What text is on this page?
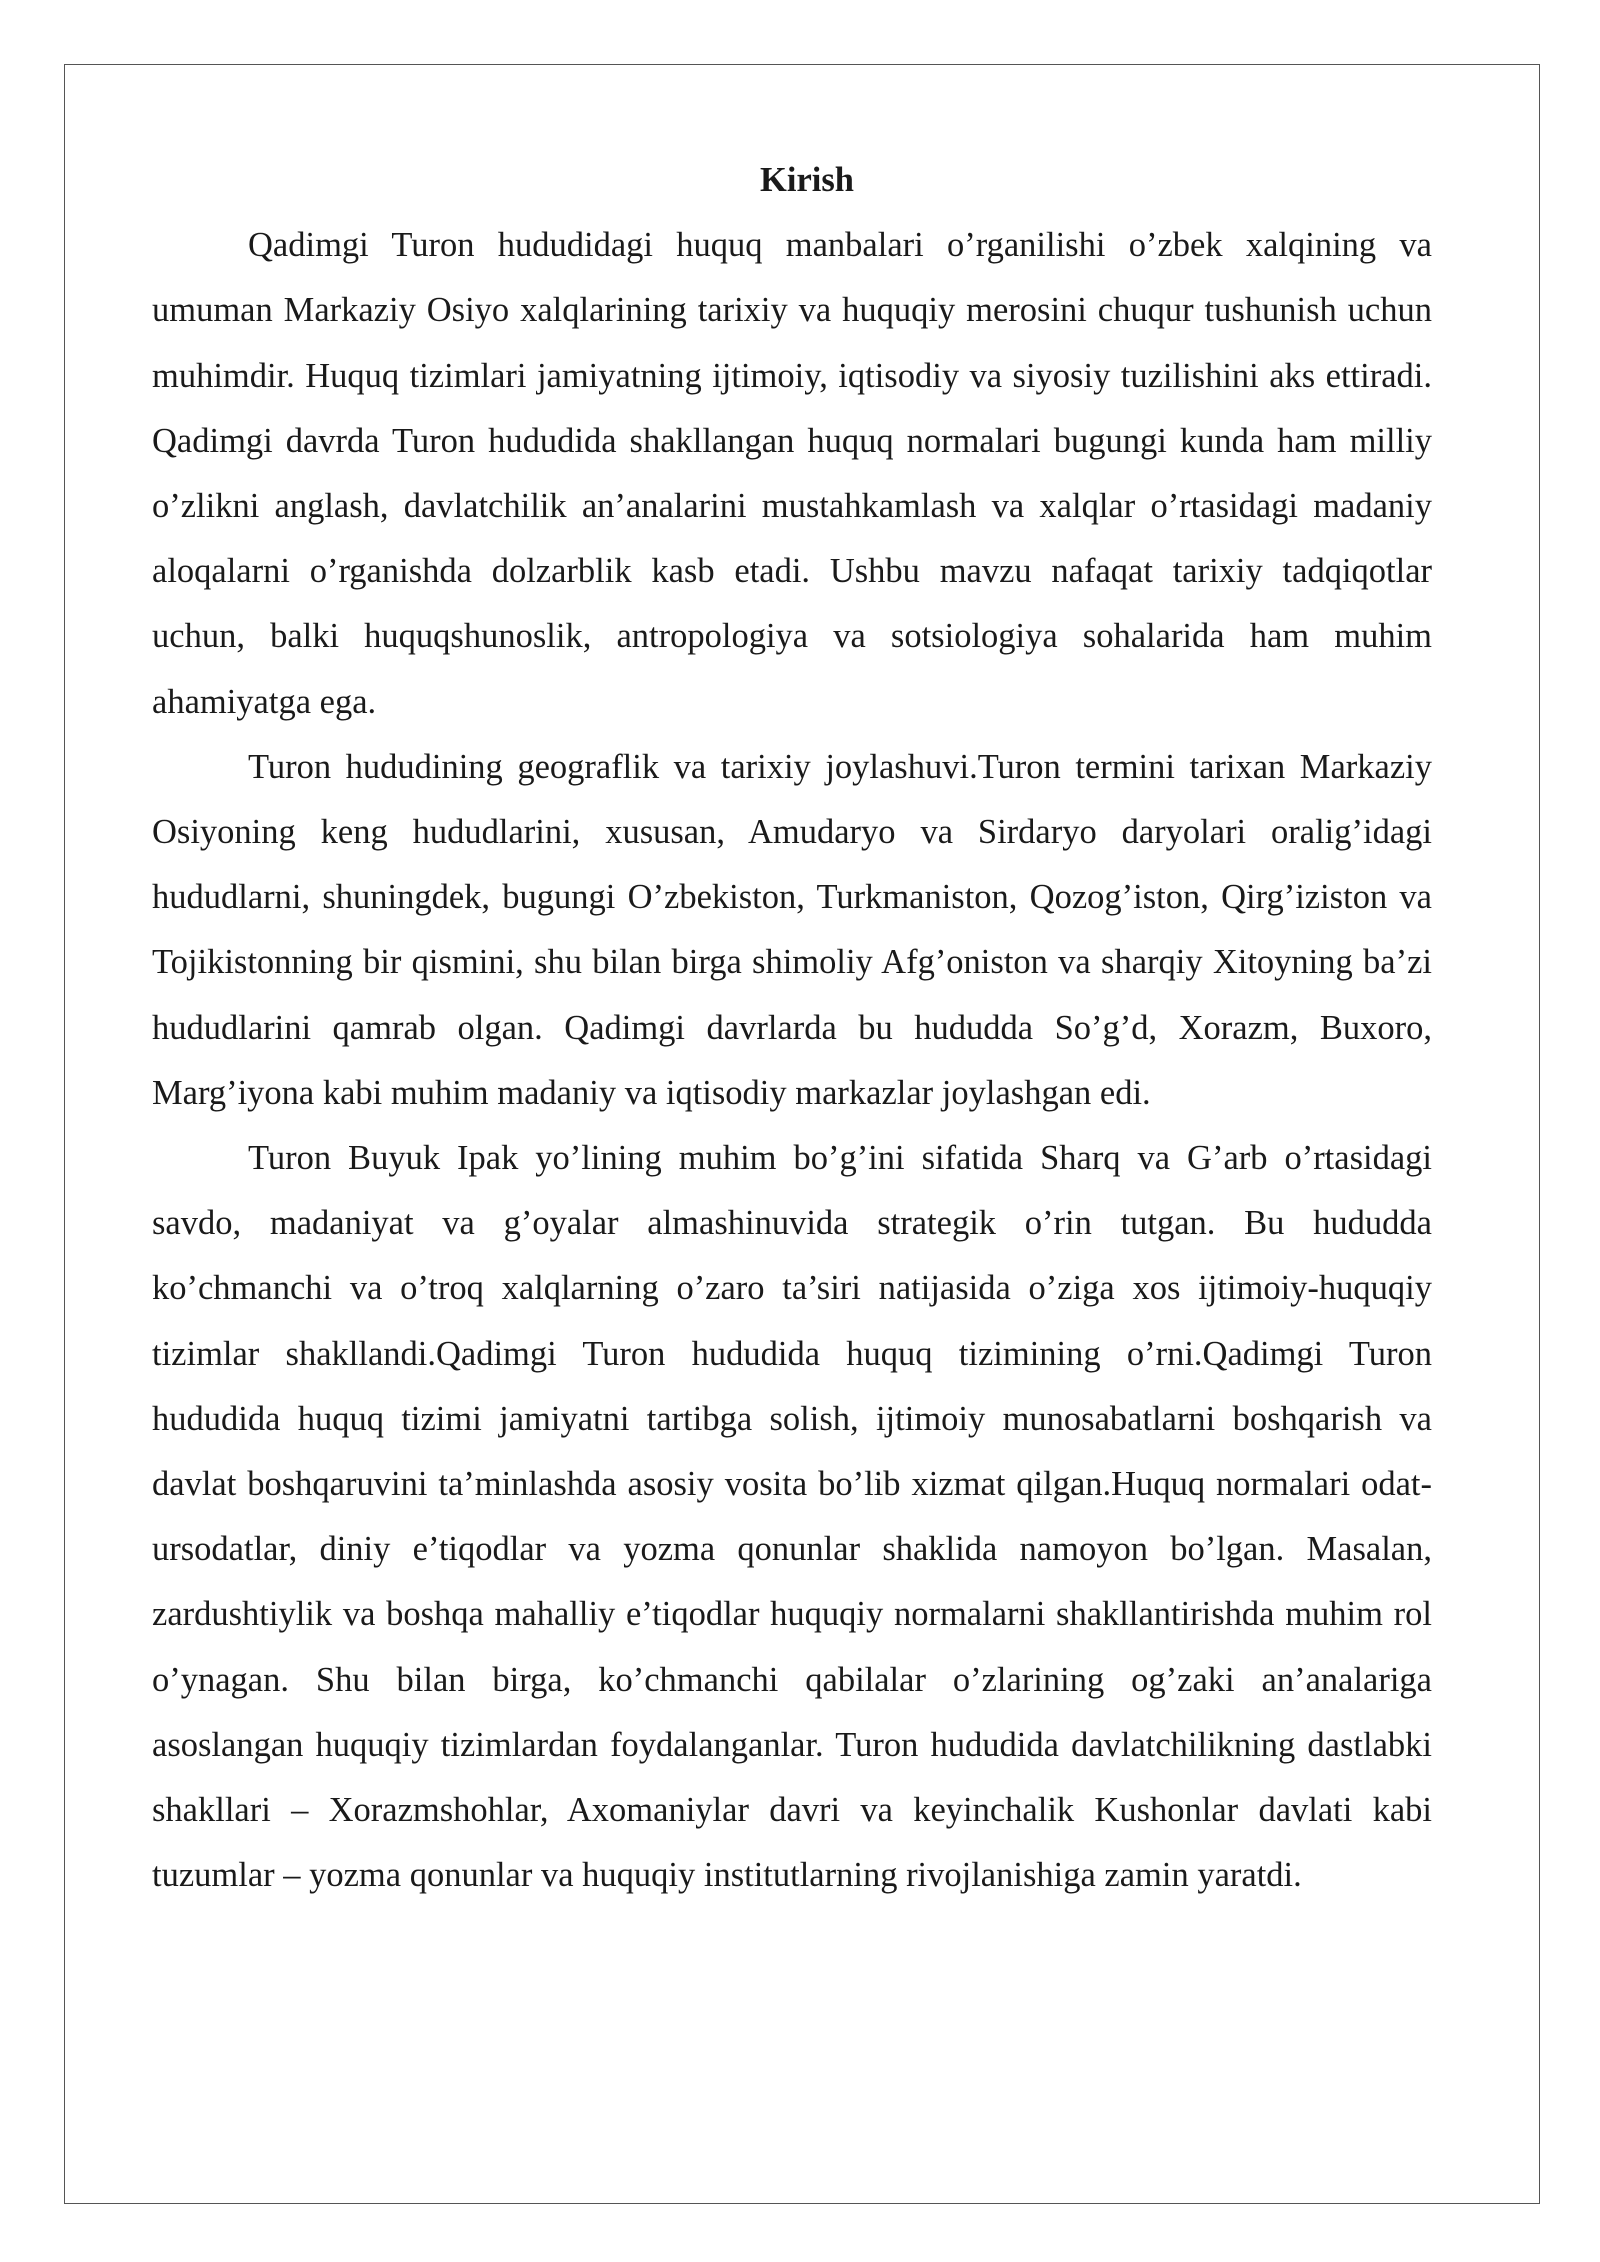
Kirish

Qadimgi Turon hududidagi huquq manbalari o’rganilishi o’zbek xalqining va umuman Markaziy Osiyo xalqlarining tarixiy va huquqiy merosini chuqur tushunish uchun muhimdir. Huquq tizimlari jamiyatning ijtimoiy, iqtisodiy va siyosiy tuzilishini aks ettiradi. Qadimgi davrda Turon hududida shakllangan huquq normalari bugungi kunda ham milliy o’zlikni anglash, davlatchilik an’analarini mustahkamlash va xalqlar o’rtasidagi madaniy aloqalarni o’rganishda dolzarblik kasb etadi. Ushbu mavzu nafaqat tarixiy tadqiqotlar uchun, balki huquqshunoslik, antropologiya va sotsiologiya sohalarida ham muhim ahamiyatga ega.

Turon hududining geograflik va tarixiy joylashuvi.Turon termini tarixan Markaziy Osiyoning keng hududlarini, xususan, Amudaryo va Sirdaryo daryolari oralig’idagi hududlarni, shuningdek, bugungi O’zbekiston, Turkmaniston, Qozog’iston, Qirg’iziston va Tojikistonning bir qismini, shu bilan birga shimoliy Afg’oniston va sharqiy Xitoyning ba’zi hududlarini qamrab olgan. Qadimgi davrlarda bu hududda So’g’d, Xorazm, Buxoro, Marg’iyona kabi muhim madaniy va iqtisodiy markazlar joylashgan edi.

Turon Buyuk Ipak yo’lining muhim bo’g’ini sifatida Sharq va G’arb o’rtasidagi savdo, madaniyat va g’oyalar almashinuvida strategik o’rin tutgan. Bu hududda ko’chmanchi va o’troq xalqlarning o’zaro ta’siri natijasida o’ziga xos ijtimoiy-huquqiy tizimlar shakllandi.Qadimgi Turon hududida huquq tizimining o’rni.Qadimgi Turon hududida huquq tizimi jamiyatni tartibga solish, ijtimoiy munosabatlarni boshqarish va davlat boshqaruvini ta’minlashda asosiy vosita bo’lib xizmat qilgan.Huquq normalari odat-ursodatlar, diniy e’tiqodlar va yozma qonunlar shaklida namoyon bo’lgan. Masalan, zardushtiylik va boshqa mahalliy e’tiqodlar huquqiy normalarni shakllantirishda muhim rol o’ynagan. Shu bilan birga, ko’chmanchi qabilalar o’zlarining og’zaki an’analariga asoslangan huquqiy tizimlardan foydalanganlar. Turon hududida davlatchilikning dastlabki shakllari – Xorazmshohlar, Axomaniylar davri va keyinchalik Kushonlar davlati kabi tuzumlar – yozma qonunlar va huquqiy institutlarning rivojlanishiga zamin yaratdi.
